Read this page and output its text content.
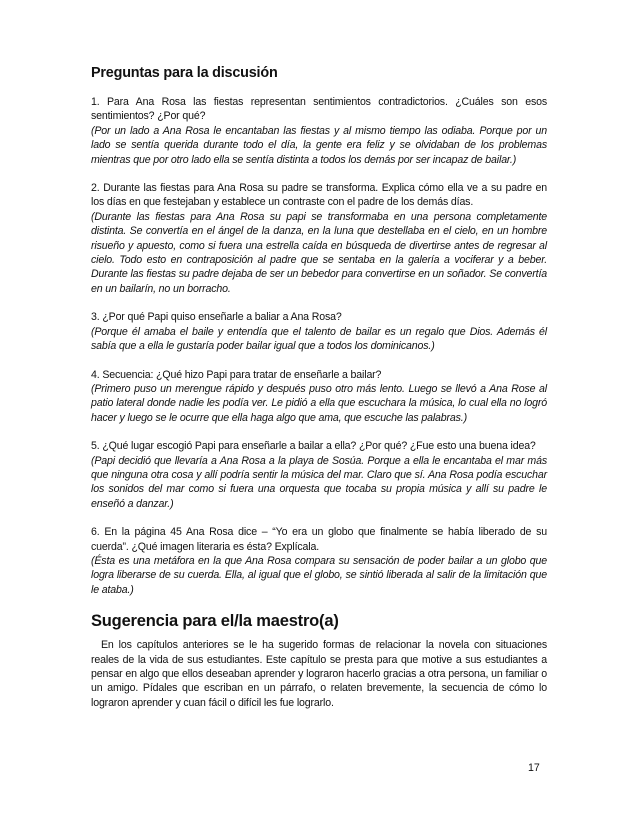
Preguntas para la discusión
1. Para Ana Rosa las fiestas representan sentimientos contradictorios. ¿Cuáles son esos sentimientos? ¿Por qué?
(Por un lado a Ana Rosa le encantaban las fiestas y al mismo tiempo las odiaba. Porque por un lado se sentía querida durante todo el día, la gente era feliz y se olvidaban de los problemas mientras que por otro lado ella se sentía distinta a todos los demás por ser incapaz de bailar.)
2. Durante las fiestas para Ana Rosa su padre se transforma. Explica cómo ella ve a su padre en los días en que festejaban y establece un contraste con el padre de los demás días.
(Durante las fiestas para Ana Rosa su papi se transformaba en una persona completamente distinta. Se convertía en el ángel de la danza, en la luna que destellaba en el cielo, en un hombre risueño y apuesto, como si fuera una estrella caída en búsqueda de divertirse antes de regresar al cielo. Todo esto en contraposición al padre que se sentaba en la galería a vociferar y a beber. Durante las fiestas su padre dejaba de ser un bebedor para convertirse en un soñador. Se convertía en un bailarín, no un borracho.
3. ¿Por qué Papi quiso enseñarle a baliar a Ana Rosa?
(Porque él amaba el baile y entendía que el talento de bailar es un regalo que Dios. Además él sabía que a ella le gustaría poder bailar igual que a todos los dominicanos.)
4. Secuencia: ¿Qué hizo Papi para tratar de enseñarle a bailar?
(Primero puso un merengue rápido y después puso otro más lento. Luego se llevó a Ana Rose al patio lateral donde nadie les podía ver. Le pidió a ella que escuchara la música, lo cual ella no logró hacer y luego se le ocurre que ella haga algo que ama, que escuche las palabras.)
5. ¿Qué lugar escogió Papi para enseñarle a bailar a ella? ¿Por qué? ¿Fue esto una buena idea?
(Papi decidió que llevaría a Ana Rosa a la playa de Sosúa. Porque a ella le encantaba el mar más que ninguna otra cosa y allí podría sentir la música del mar. Claro que sí. Ana Rosa podía escuchar los sonidos del mar como si fuera una orquesta que tocaba su propia música y allí su padre le enseñó a danzar.)
6. En la página 45 Ana Rosa dice – “Yo era un globo que finalmente se había liberado de su cuerda”. ¿Qué imagen literaria es ésta? Explícala.
(Ésta es una metáfora en la que Ana Rosa compara su sensación de poder bailar a un globo que logra liberarse de su cuerda. Ella, al igual que el globo, se sintió liberada al salir de la limitación que le ataba.)
Sugerencia para el/la maestro(a)

En los capítulos anteriores se le ha sugerido formas de relacionar la novela con situaciones reales de la vida de sus estudiantes. Este capítulo se presta para que motive a sus estudiantes a pensar en algo que ellos deseaban aprender y lograron hacerlo gracias a otra persona, un familiar o un amigo. Pídales que escriban en un párrafo, o relaten brevemente, la secuencia de cómo lo lograron aprender y cuan fácil o difícil les fue lograrlo.

17
